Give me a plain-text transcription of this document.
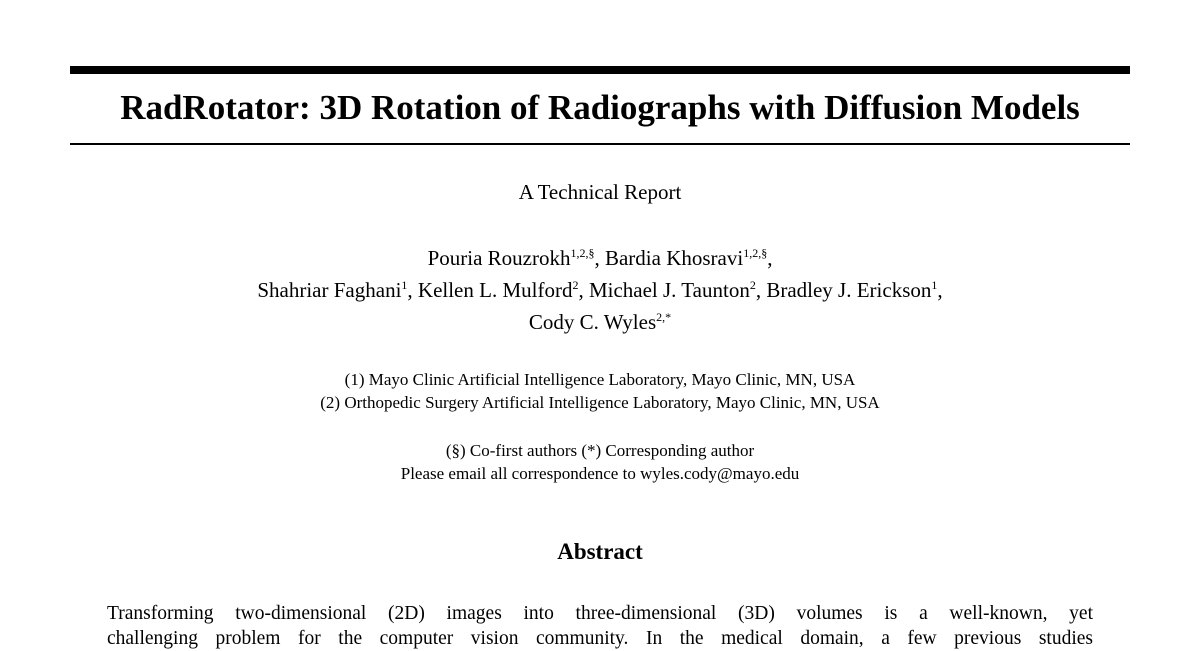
RadRotator: 3D Rotation of Radiographs with Diffusion Models
A Technical Report
Pouria Rouzrokh$^{1,2,\S}$, Bardia Khosravi$^{1,2,\S}$,
Shahriar Faghani$^1$, Kellen L. Mulford$^2$, Michael J. Taunton$^2$, Bradley J. Erickson$^1$,
Cody C. Wyles$^{2,*}$
(1) Mayo Clinic Artificial Intelligence Laboratory, Mayo Clinic, MN, USA
(2) Orthopedic Surgery Artificial Intelligence Laboratory, Mayo Clinic, MN, USA
(§) Co-first authors (*) Corresponding author
Please email all correspondence to wyles.cody@mayo.edu
Abstract
Transforming two-dimensional (2D) images into three-dimensional (3D) volumes is a well-known, yet
challenging problem for the computer vision community. In the medical domain, a few previous studies
